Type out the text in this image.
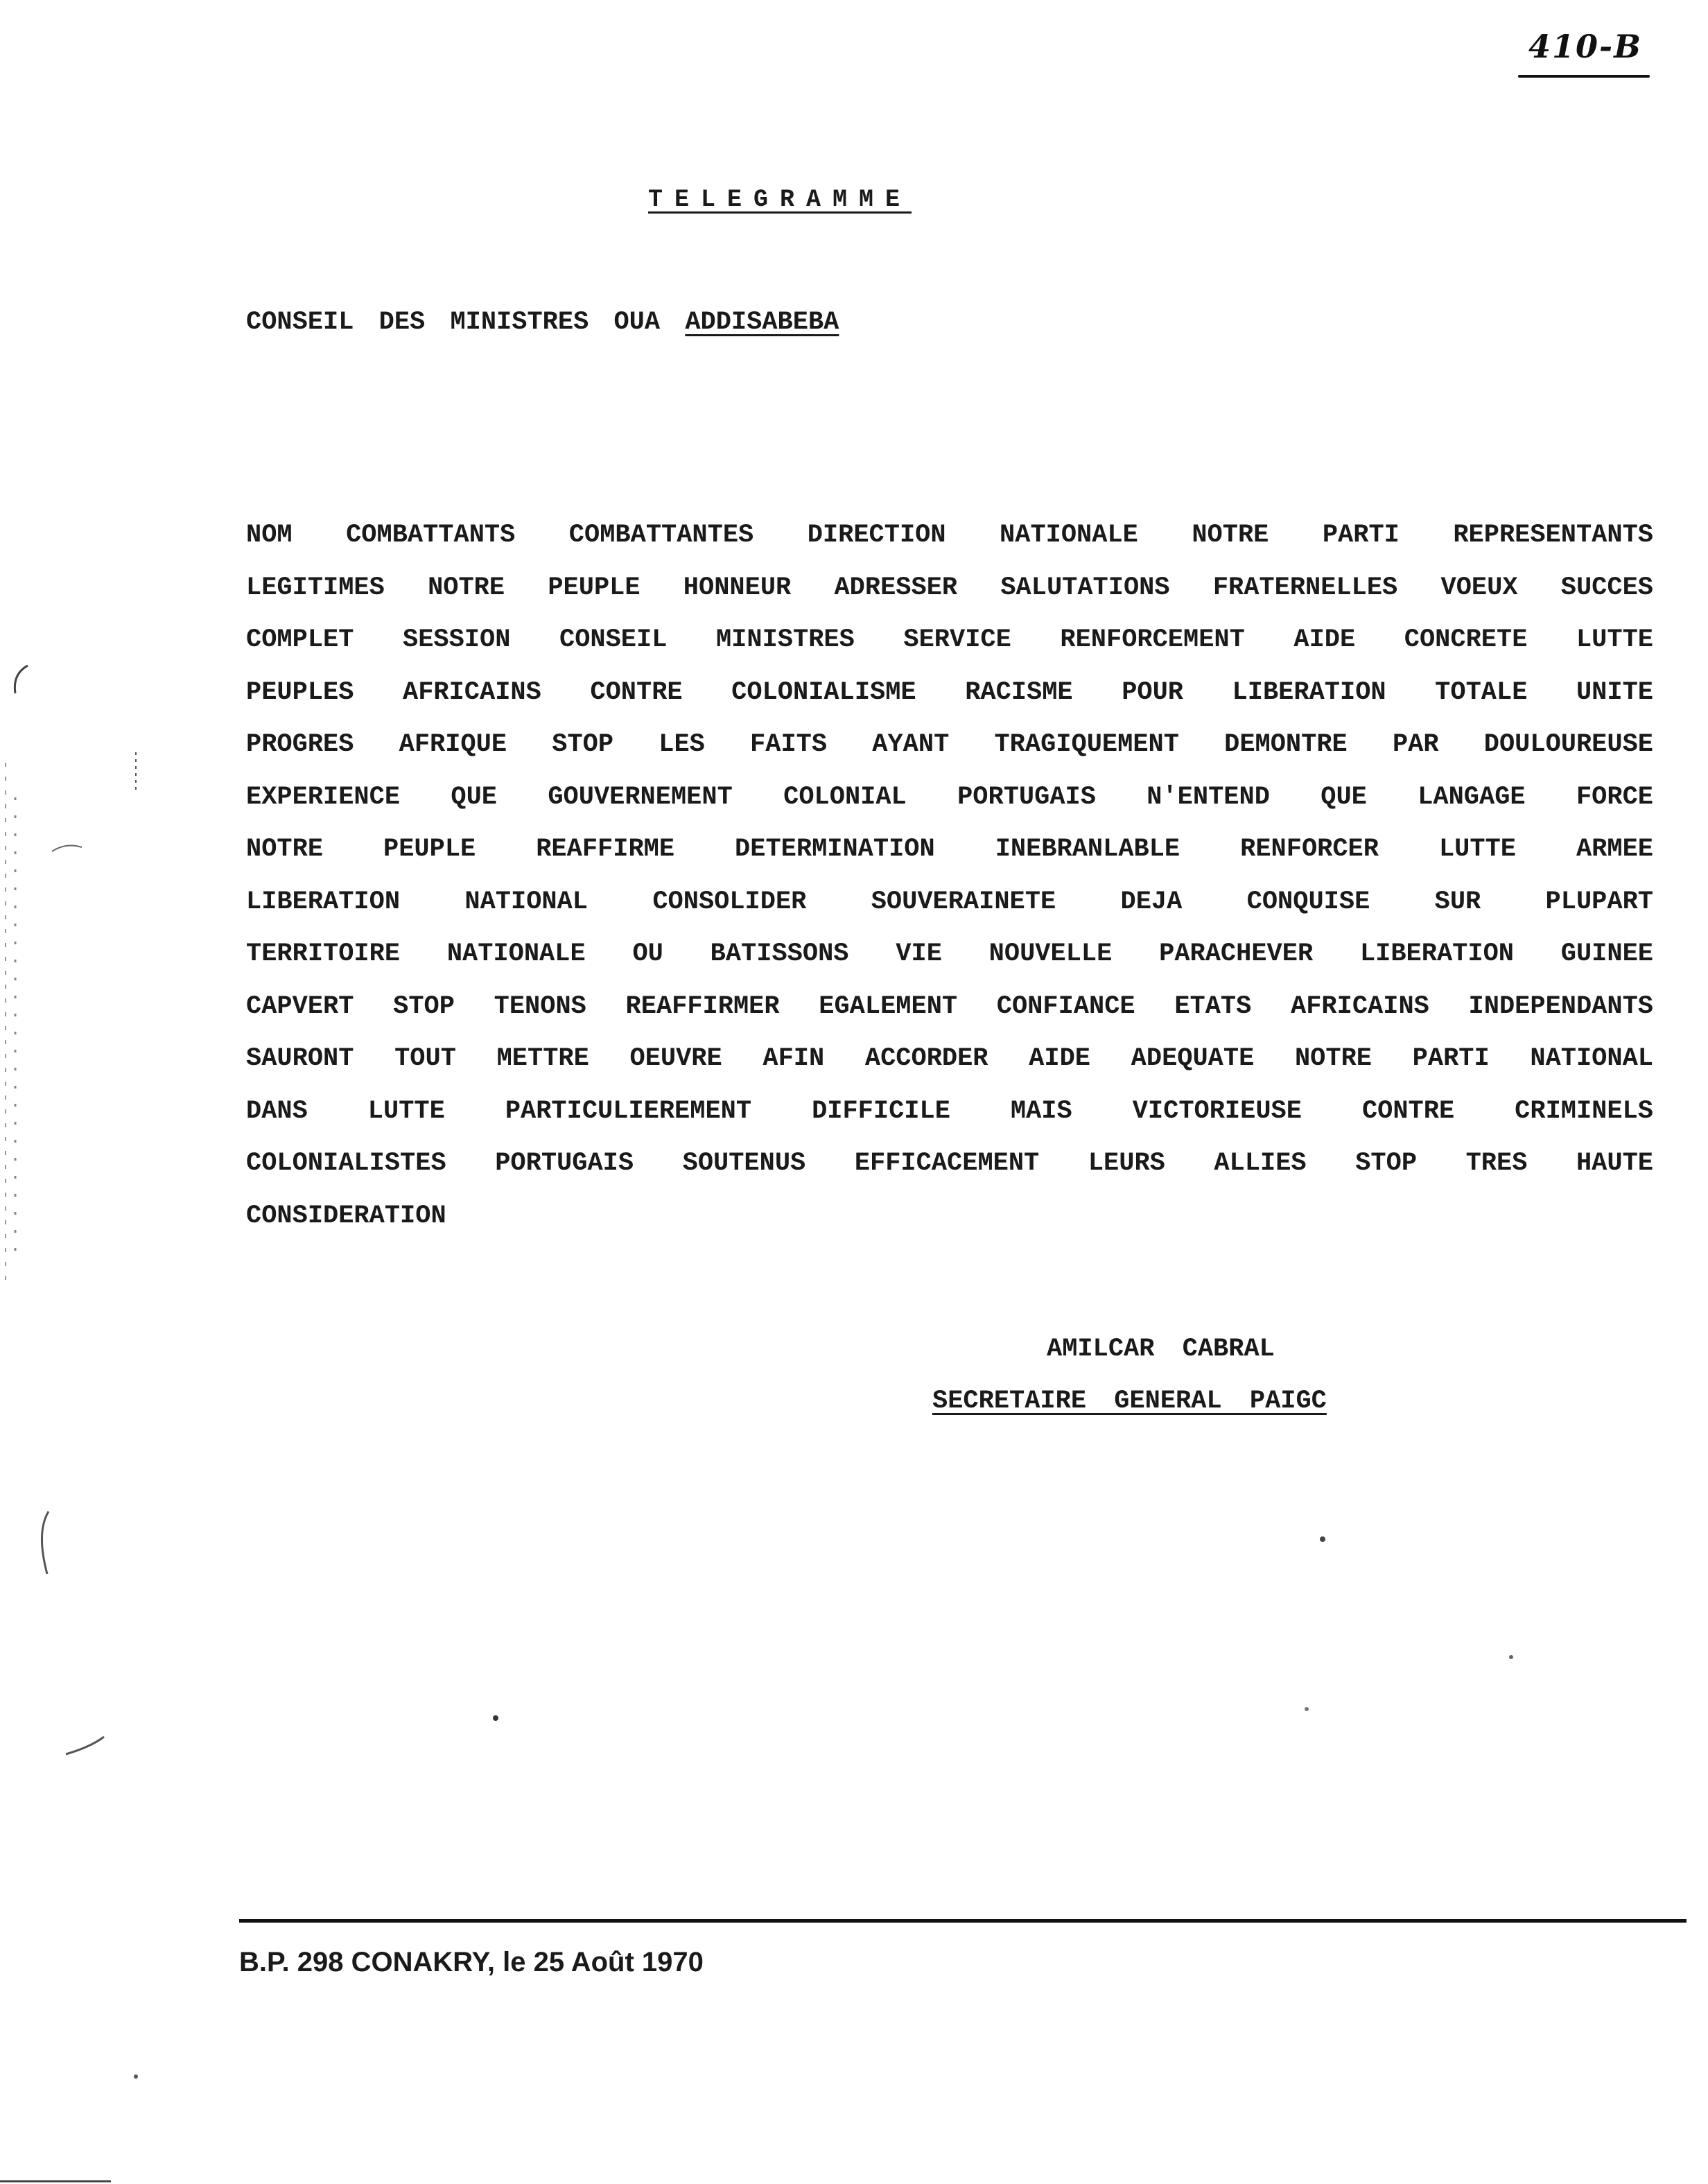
410-B
TELEGRAMME
CONSEIL DES MINISTRES OUA ADDISABEBA
NOM COMBATTANTS COMBATTANTES DIRECTION NATIONALE NOTRE PARTI REPRESENTANTS
LEGITIMES NOTRE PEUPLE HONNEUR ADRESSER SALUTATIONS FRATERNELLES VOEUX SUCCES
COMPLET SESSION CONSEIL MINISTRES SERVICE RENFORCEMENT AIDE CONCRETE LUTTE
PEUPLES AFRICAINS CONTRE COLONIALISME RACISME POUR LIBERATION TOTALE UNITE
PROGRES AFRIQUE STOP LES FAITS AYANT TRAGIQUEMENT DEMONTRE PAR DOULOUREUSE
EXPERIENCE QUE GOUVERNEMENT COLONIAL PORTUGAIS N'ENTEND QUE LANGAGE FORCE
NOTRE PEUPLE REAFFIRME DETERMINATION INEBRANLABLE RENFORCER LUTTE ARMEE
LIBERATION NATIONAL CONSOLIDER SOUVERAINETE DEJA CONQUISE SUR PLUPART
TERRITOIRE NATIONALE OU BATISSONS VIE NOUVELLE PARACHEVER LIBERATION GUINEE
CAPVERT STOP TENONS REAFFIRMER EGALEMENT CONFIANCE ETATS AFRICAINS INDEPENDANTS
SAURONT TOUT METTRE OEUVRE AFIN ACCORDER AIDE ADEQUATE NOTRE PARTI NATIONAL
DANS LUTTE PARTICULIEREMENT DIFFICILE MAIS VICTORIEUSE CONTRE CRIMINELS
COLONIALISTES PORTUGAIS SOUTENUS EFFICACEMENT LEURS ALLIES STOP TRES HAUTE
CONSIDERATION
AMILCAR CABRAL
SECRETAIRE GENERAL PAIGC
B.P. 298 CONAKRY, le 25 Août 1970
